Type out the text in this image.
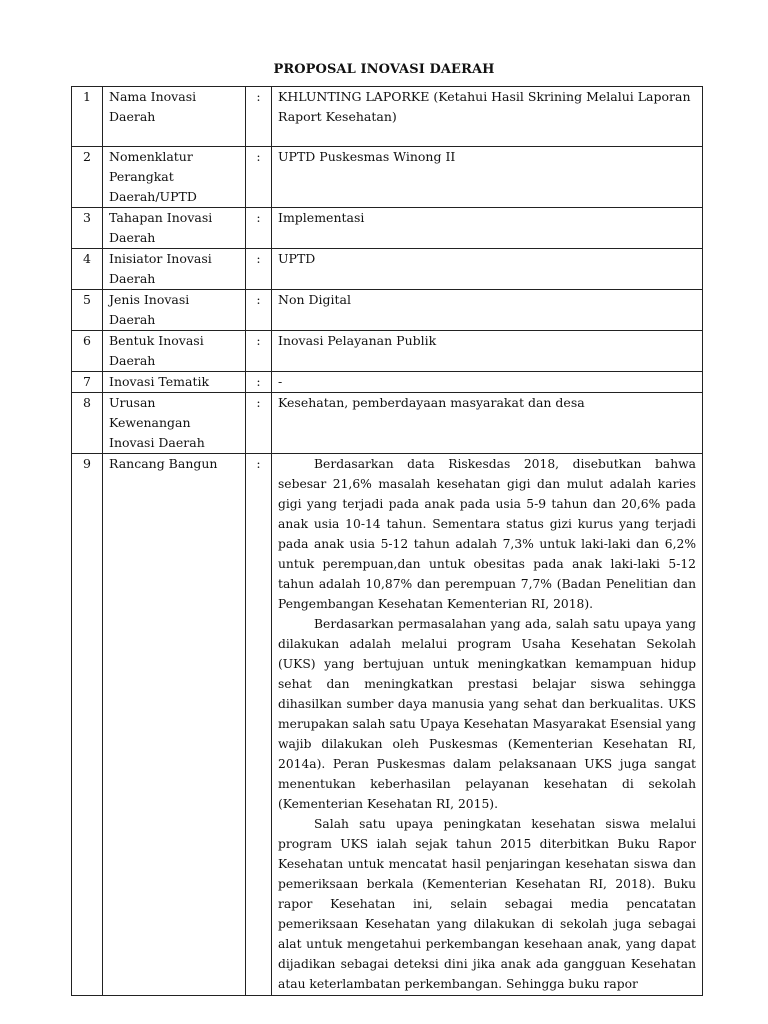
PROPOSAL INOVASI DAERAH
1	Nama Inovasi Daerah	:	KHLUNTING LAPORKE (Ketahui Hasil Skrining Melalui Laporan Raport Kesehatan)
2	Nomenklatur Perangkat Daerah/UPTD	:	UPTD Puskesmas Winong II
3	Tahapan Inovasi Daerah	:	Implementasi
4	Inisiator Inovasi Daerah	:	UPTD
5	Jenis Inovasi Daerah	:	Non Digital
6	Bentuk Inovasi Daerah	:	Inovasi Pelayanan Publik
7	Inovasi Tematik	:	-
8	Urusan Kewenangan Inovasi Daerah	:	Kesehatan, pemberdayaan masyarakat dan desa
9	Rancang Bangun	:	Berdasarkan data Riskesdas 2018, disebutkan bahwa sebesar 21,6% masalah kesehatan gigi dan mulut adalah karies gigi yang terjadi pada anak pada usia 5-9 tahun dan 20,6% pada anak usia 10-14 tahun. Sementara status gizi kurus yang terjadi pada anak usia 5-12 tahun adalah 7,3% untuk laki-laki dan 6,2% untuk perempuan,dan untuk obesitas pada anak laki-laki 5-12 tahun adalah 10,87% dan perempuan 7,7% (Badan Penelitian dan Pengembangan Kesehatan Kementerian RI, 2018).

Berdasarkan permasalahan yang ada, salah satu upaya yang dilakukan adalah melalui program Usaha Kesehatan Sekolah (UKS) yang bertujuan untuk meningkatkan kemampuan hidup sehat dan meningkatkan prestasi belajar siswa sehingga dihasilkan sumber daya manusia yang sehat dan berkualitas. UKS merupakan salah satu Upaya Kesehatan Masyarakat Esensial yang wajib dilakukan oleh Puskesmas (Kementerian Kesehatan RI, 2014a). Peran Puskesmas dalam pelaksanaan UKS juga sangat menentukan keberhasilan pelayanan kesehatan di sekolah (Kementerian Kesehatan RI, 2015).

Salah satu upaya peningkatan kesehatan siswa melalui program UKS ialah sejak tahun 2015 diterbitkan Buku Rapor Kesehatan untuk mencatat hasil penjaringan kesehatan siswa dan pemeriksaan berkala (Kementerian Kesehatan RI, 2018). Buku rapor Kesehatan ini, selain sebagai media pencatatan pemeriksaan Kesehatan yang dilakukan di sekolah juga sebagai alat untuk mengetahui perkembangan kesehaan anak, yang dapat dijadikan sebagai deteksi dini jika anak ada gangguan Kesehatan atau keterlambatan perkembangan. Sehingga buku rapor
